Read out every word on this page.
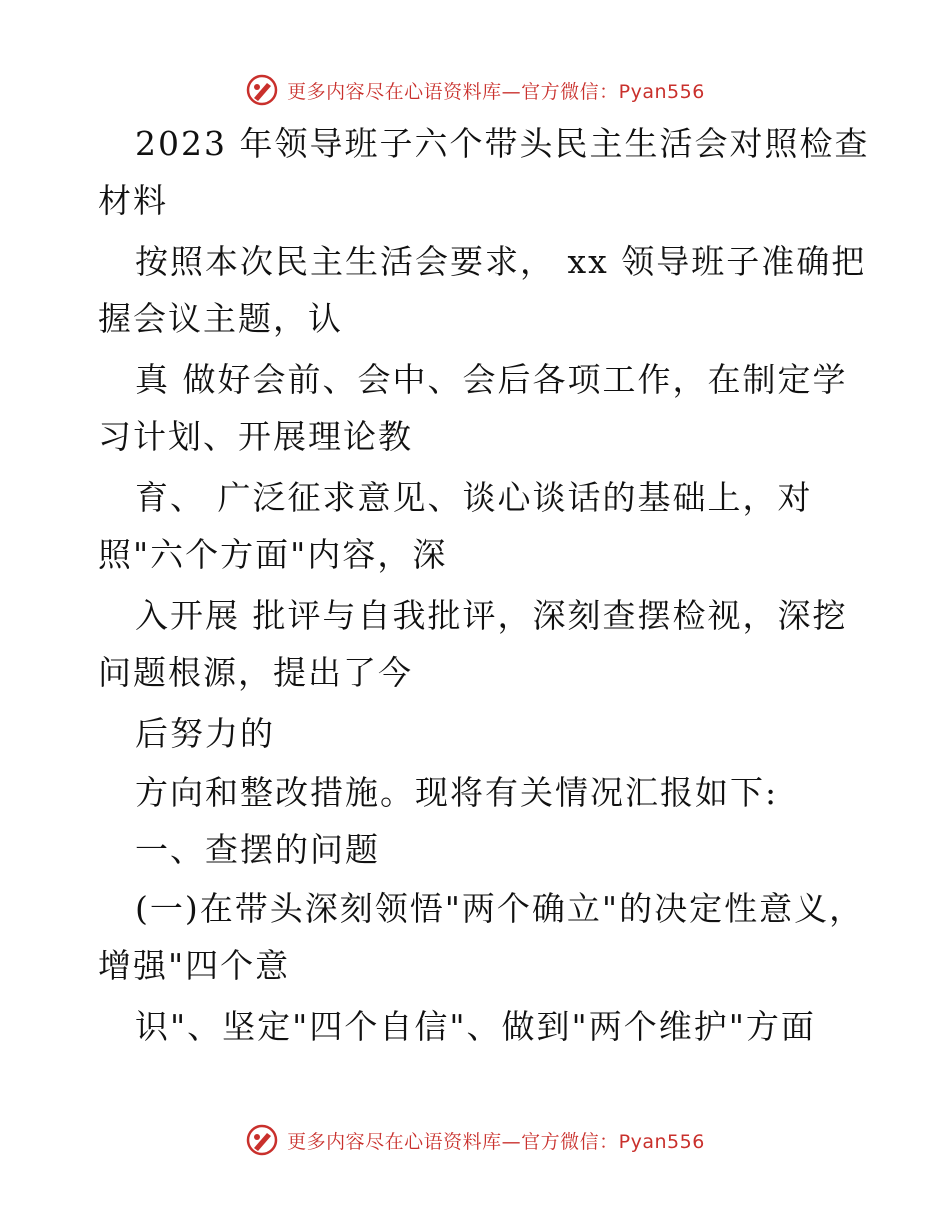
更多内容尽在心语资料库—官方微信：Pyan556
2023 年领导班子六个带头民主生活会对照检查
材料
按照本次民主生活会要求， xx 领导班子准确把
握会议主题，认
真 做好会前、会中、会后各项工作，在制定学
习计划、开展理论教
育、 广泛征求意见、谈心谈话的基础上，对
照"六个方面"内容，深
入开展 批评与自我批评，深刻查摆检视，深挖
问题根源，提出了今
后努力的
方向和整改措施。现将有关情况汇报如下:
一、查摆的问题
(一)在带头深刻领悟"两个确立"的决定性意义，
增强"四个意
识"、坚定"四个自信"、做到"两个维护"方面
更多内容尽在心语资料库—官方微信：Pyan556
